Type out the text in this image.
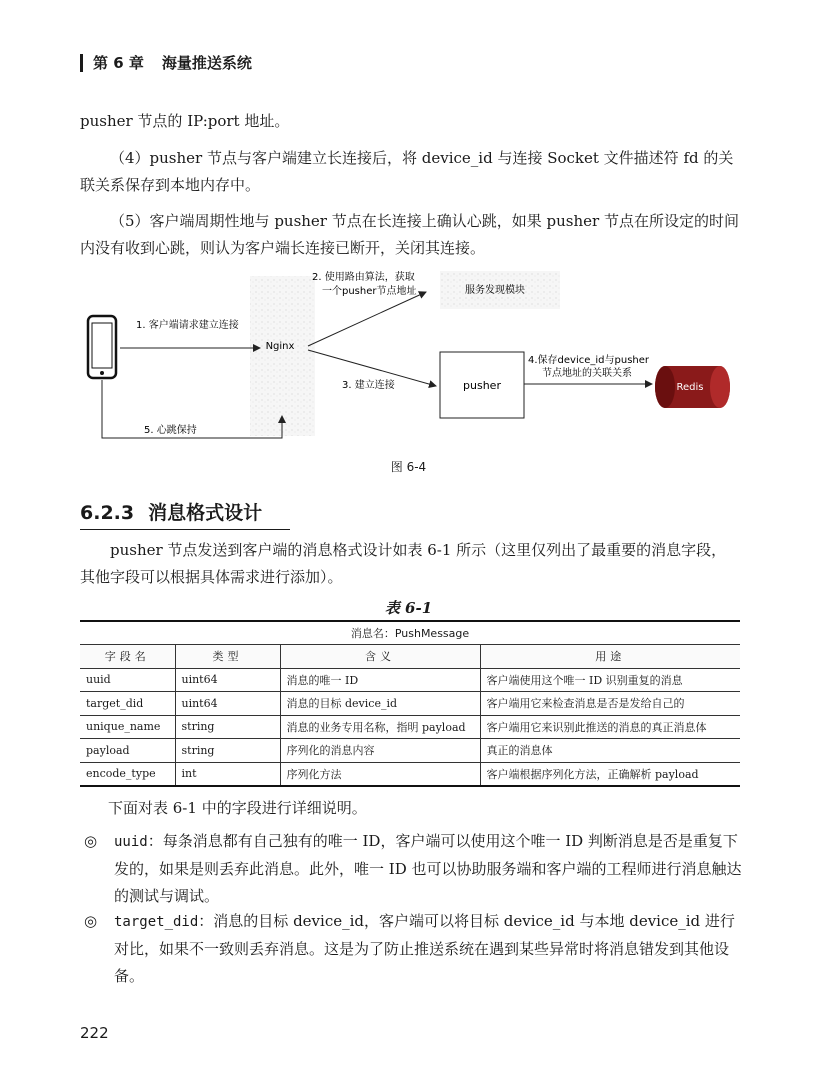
第 6 章 海量推送系统
pusher 节点的 IP:port 地址。
（4）pusher 节点与客户端建立长连接后，将 device_id 与连接 Socket 文件描述符 fd 的关联关系保存到本地内存中。
（5）客户端周期性地与 pusher 节点在长连接上确认心跳，如果 pusher 节点在所设定的时间内没有收到心跳，则认为客户端长连接已断开，关闭其连接。
Nginx
服务发现模块
1. 客户端请求建立连接
2. 使用路由算法，获取
一个pusher节点地址
3. 建立连接	pusher
4.保存device_id与pusher
节点地址的关联关系
Redis
5. 心跳保持
图 6-4
6.2.3 消息格式设计
pusher 节点发送到客户端的消息格式设计如表 6-1 所示（这里仅列出了最重要的消息字段，其他字段可以根据具体需求进行添加）。
表 6-1
消息名：PushMessage			
字段名	类型	含义	用途
uuid	uint64	消息的唯一 ID	客户端使用这个唯一 ID 识别重复的消息
target_did	uint64	消息的目标 device_id	客户端用它来检查消息是否是发给自己的
unique_name	string	消息的业务专用名称，指明 payload	客户端用它来识别此推送的消息的真正消息体
payload	string	序列化的消息内容	真正的消息体
encode_type	int	序列化方法	客户端根据序列化方法，正确解析 payload
下面对表 6-1 中的字段进行详细说明。
◎ uuid：每条消息都有自己独有的唯一 ID，客户端可以使用这个唯一 ID 判断消息是否是重复下发的，如果是则丢弃此消息。此外，唯一 ID 也可以协助服务端和客户端的工程师进行消息触达的测试与调试。
◎ target_did：消息的目标 device_id，客户端可以将目标 device_id 与本地 device_id 进行对比，如果不一致则丢弃消息。这是为了防止推送系统在遇到某些异常时将消息错发到其他设备。
222
